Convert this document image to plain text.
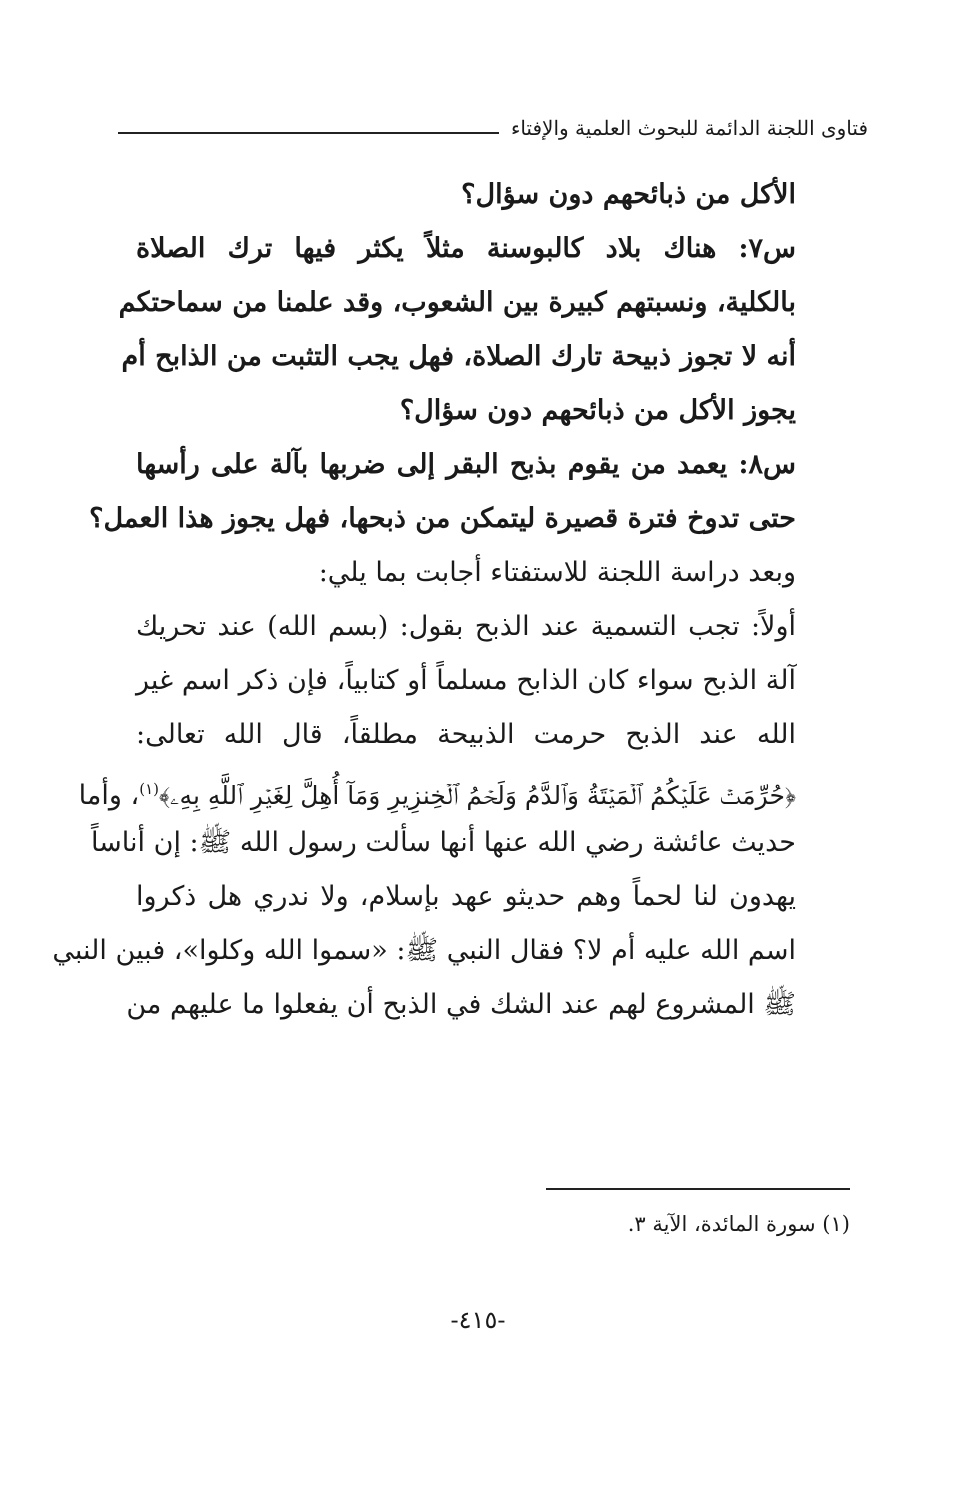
فتاوى اللجنة الدائمة للبحوث العلمية والإفتاء
الأكل من ذبائحهم دون سؤال؟
س٧: هناك بلاد كالبوسنة مثلاً يكثر فيها ترك الصلاة
بالكلية، ونسبتهم كبيرة بين الشعوب، وقد علمنا من سماحتكم
أنه لا تجوز ذبيحة تارك الصلاة، فهل يجب التثبت من الذابح أم
يجوز الأكل من ذبائحهم دون سؤال؟
س٨: يعمد من يقوم بذبح البقر إلى ضربها بآلة على رأسها
حتى تدوخ فترة قصيرة ليتمكن من ذبحها، فهل يجوز هذا العمل؟
وبعد دراسة اللجنة للاستفتاء أجابت بما يلي:
أولاً: تجب التسمية عند الذبح بقول: (بسم الله) عند تحريك
آلة الذبح سواء كان الذابح مسلماً أو كتابياً، فإن ذكر اسم غير
الله عند الذبح حرمت الذبيحة مطلقاً، قال الله تعالى:
﴿حُرِّمَتۡ عَلَيۡكُمُ ٱلۡمَيۡتَةُ وَٱلدَّمُ وَلَحۡمُ ٱلۡخِنزِيرِ وَمَآ أُهِلَّ لِغَيۡرِ ٱللَّهِ بِهِۦ﴾$^{(١)}$، وأما
حديث عائشة رضي الله عنها أنها سألت رسول الله ﷺ: إن أناساً
يهدون لنا لحماً وهم حديثو عهد بإسلام، ولا ندري هل ذكروا
اسم الله عليه أم لا؟ فقال النبي ﷺ: «سموا الله وكلوا»، فبين النبي
ﷺ المشروع لهم عند الشك في الذبح أن يفعلوا ما عليهم من
(١) سورة المائدة، الآية ٣.
-٤١٥-
